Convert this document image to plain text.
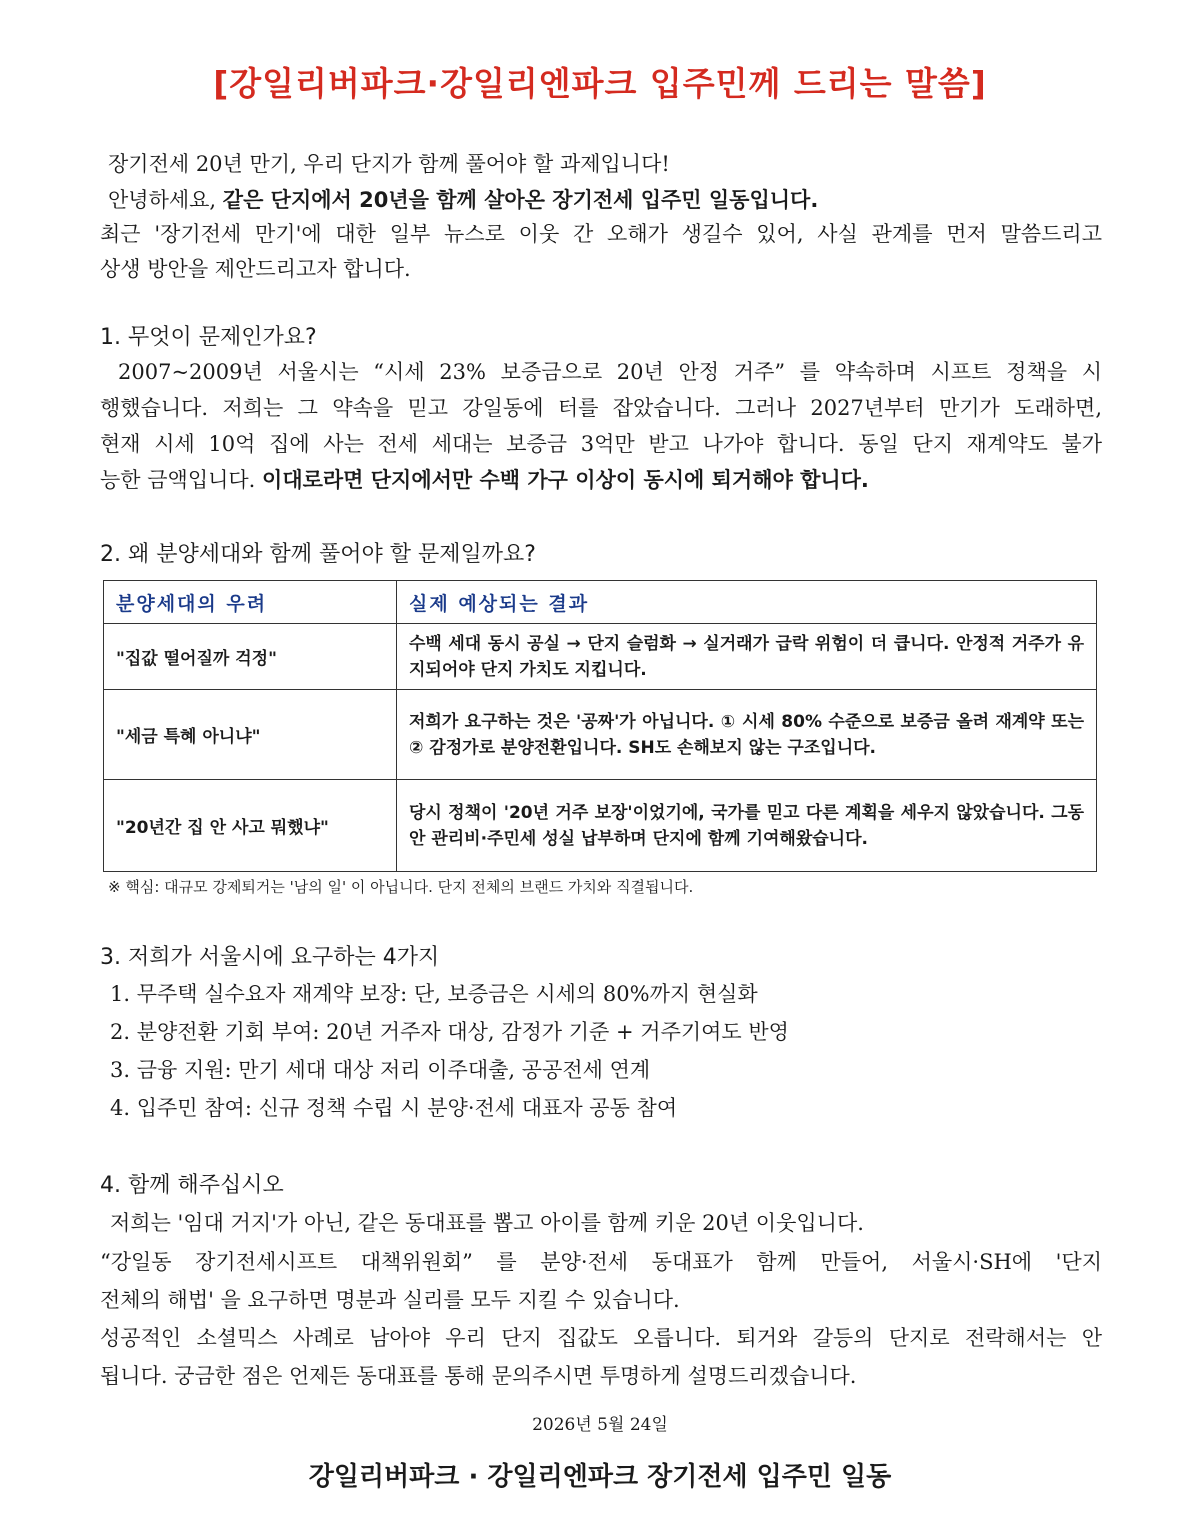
[강일리버파크·강일리엔파크 입주민께 드리는 말씀]
장기전세 20년 만기, 우리 단지가 함께 풀어야 할 과제입니다!
안녕하세요, 같은 단지에서 20년을 함께 살아온 장기전세 입주민 일동입니다.
최근 '장기전세 만기'에 대한 일부 뉴스로 이웃 간 오해가 생길수 있어, 사실 관계를 먼저 말씀드리고
상생 방안을 제안드리고자 합니다.
1. 무엇이 문제인가요?
2007~2009년 서울시는 “시세 23% 보증금으로 20년 안정 거주” 를 약속하며 시프트 정책을 시
행했습니다. 저희는 그 약속을 믿고 강일동에 터를 잡았습니다. 그러나 2027년부터 만기가 도래하면,
현재 시세 10억 집에 사는 전세 세대는 보증금 3억만 받고 나가야 합니다. 동일 단지 재계약도 불가
능한 금액입니다. 이대로라면 단지에서만 수백 가구 이상이 동시에 퇴거해야 합니다.
2. 왜 분양세대와 함께 풀어야 할 문제일까요?
분양세대의 우려	실제 예상되는 결과
"집값 떨어질까 걱정"	수백 세대 동시 공실 → 단지 슬럼화 → 실거래가 급락 위험이 더 큽니다. 안정적 거주가 유지되어야 단지 가치도 지킵니다.
"세금 특혜 아니냐"	저희가 요구하는 것은 '공짜'가 아닙니다. ① 시세 80% 수준으로 보증금 올려 재계약 또는 ② 감정가로 분양전환입니다. SH도 손해보지 않는 구조입니다.
"20년간 집 안 사고 뭐했냐"	당시 정책이 '20년 거주 보장'이었기에, 국가를 믿고 다른 계획을 세우지 않았습니다. 그동안 관리비·주민세 성실 납부하며 단지에 함께 기여해왔습니다.
※ 핵심: 대규모 강제퇴거는 '남의 일' 이 아닙니다. 단지 전체의 브랜드 가치와 직결됩니다.
3. 저희가 서울시에 요구하는 4가지
1. 무주택 실수요자 재계약 보장: 단, 보증금은 시세의 80%까지 현실화
2. 분양전환 기회 부여: 20년 거주자 대상, 감정가 기준 + 거주기여도 반영
3. 금융 지원: 만기 세대 대상 저리 이주대출, 공공전세 연계
4. 입주민 참여: 신규 정책 수립 시 분양·전세 대표자 공동 참여
4. 함께 해주십시오
저희는 '임대 거지'가 아닌, 같은 동대표를 뽑고 아이를 함께 키운 20년 이웃입니다.
“강일동 장기전세시프트 대책위원회” 를 분양·전세 동대표가 함께 만들어, 서울시·SH에 '단지
전체의 해법' 을 요구하면 명분과 실리를 모두 지킬 수 있습니다.
성공적인 소셜믹스 사례로 남아야 우리 단지 집값도 오릅니다. 퇴거와 갈등의 단지로 전락해서는 안
됩니다. 궁금한 점은 언제든 동대표를 통해 문의주시면 투명하게 설명드리겠습니다.
2026년 5월 24일
강일리버파크 · 강일리엔파크 장기전세 입주민 일동
